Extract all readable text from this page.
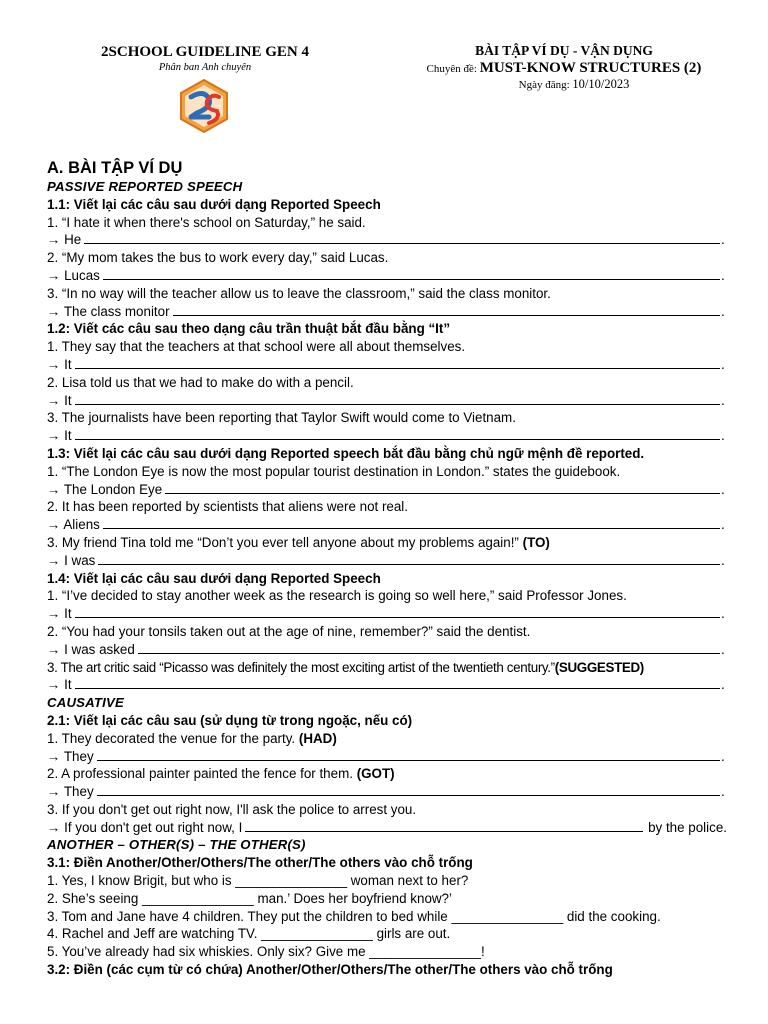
2SCHOOL GUIDELINE GEN 4
Phân ban Anh chuyên
BÀI TẬP VÍ DỤ - VẬN DỤNG
Chuyên đề: MUST-KNOW STRUCTURES (2)
Ngày đăng: 10/10/2023
A. BÀI TẬP VÍ DỤ
PASSIVE REPORTED SPEECH
1.1: Viết lại các câu sau dưới dạng Reported Speech
1. “I hate it when there's school on Saturday,” he said.
→ He	.
2. “My mom takes the bus to work every day,” said Lucas.
→ Lucas	.
3. “In no way will the teacher allow us to leave the classroom,” said the class monitor.
→ The class monitor	.
1.2: Viết các câu sau theo dạng câu trần thuật bắt đầu bằng “It”
1. They say that the teachers at that school were all about themselves.
→ It	.
2. Lisa told us that we had to make do with a pencil.
→ It	.
3. The journalists have been reporting that Taylor Swift would come to Vietnam.
→ It	.
1.3: Viết lại các câu sau dưới dạng Reported speech bắt đầu bằng chủ ngữ mệnh đề reported.
1. “The London Eye is now the most popular tourist destination in London.” states the guidebook.
→ The London Eye	.
2. It has been reported by scientists that aliens were not real.
→ Aliens	.
3. My friend Tina told me “Don’t you ever tell anyone about my problems again!” (TO)
→ I was	.
1.4: Viết lại các câu sau dưới dạng Reported Speech
1. “I’ve decided to stay another week as the research is going so well here,” said Professor Jones.
→ It	.
2. “You had your tonsils taken out at the age of nine, remember?” said the dentist.
→ I was asked	.
3. The art critic said “Picasso was definitely the most exciting artist of the twentieth century.”(SUGGESTED)
→ It	.
CAUSATIVE
2.1: Viết lại các câu sau (sử dụng từ trong ngoặc, nếu có)
1. They decorated the venue for the party. (HAD)
→ They	.
2. A professional painter painted the fence for them. (GOT)
→ They	.
3. If you don't get out right now, I'll ask the police to arrest you.
→ If you don't get out right now, I	by the police.
ANOTHER – OTHER(S) – THE OTHER(S)
3.1: Điền Another/Other/Others/The other/The others vào chỗ trống
1. Yes, I know Brigit, but who is _______________ woman next to her?
2. She’s seeing _______________ man.’ Does her boyfriend know?’
3. Tom and Jane have 4 children. They put the children to bed while _______________ did the cooking.
4. Rachel and Jeff are watching TV. _______________ girls are out.
5. You’ve already had six whiskies. Only six? Give me _______________!
3.2: Điền (các cụm từ có chứa) Another/Other/Others/The other/The others vào chỗ trống
